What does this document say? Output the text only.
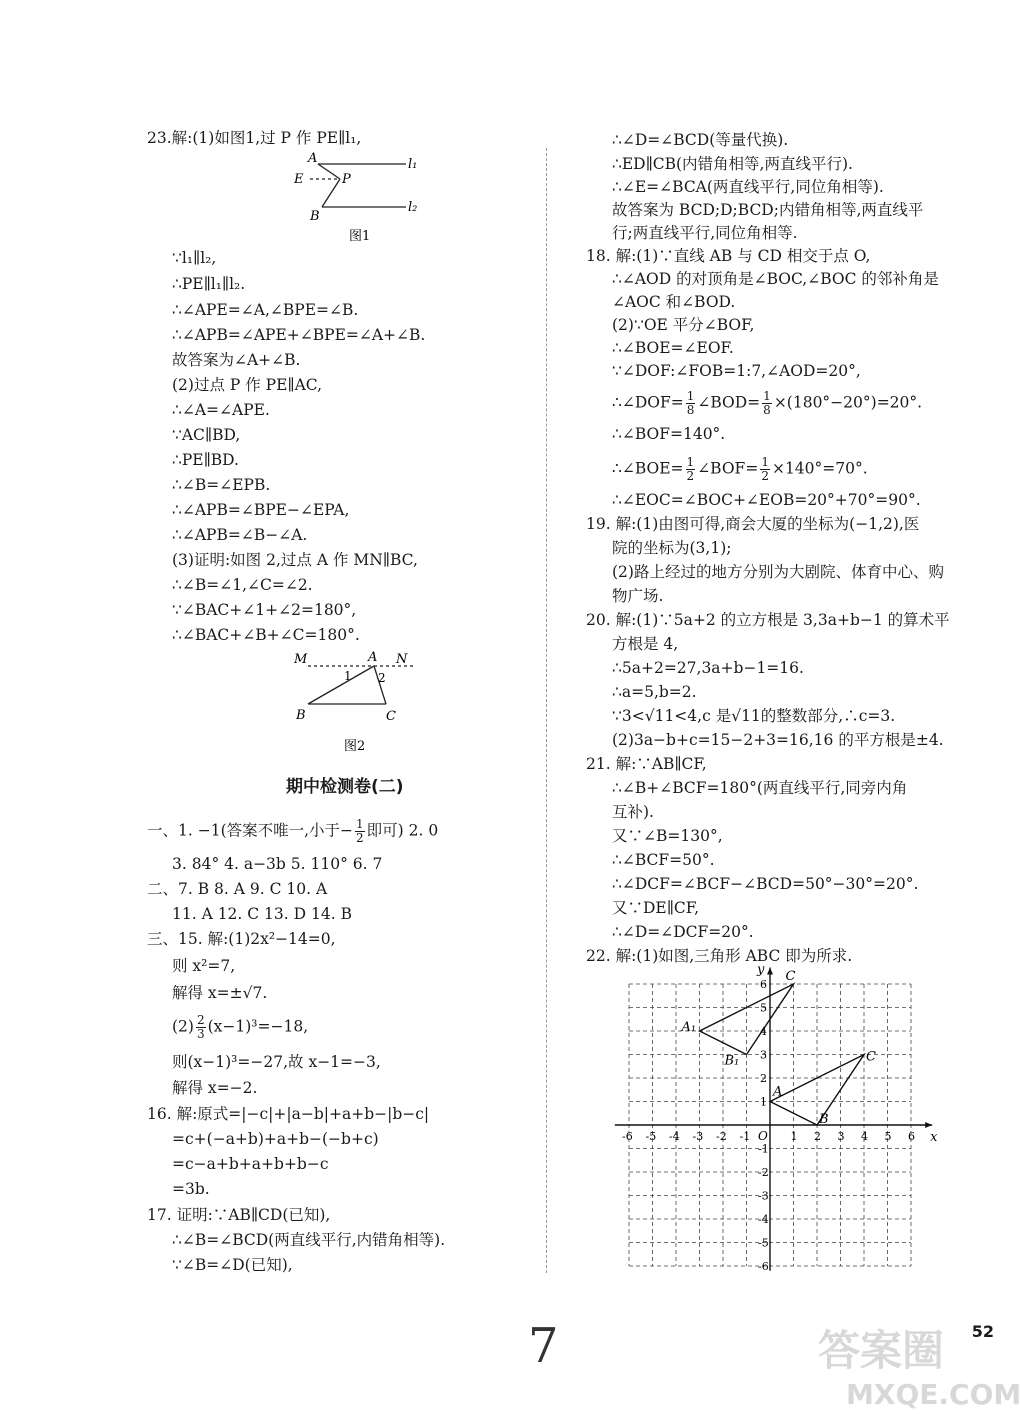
23.解:(1)如图1,过 P 作 PE∥l₁,
A
E	P
B
l₁
l₂
图1
∵l₁∥l₂,
∴PE∥l₁∥l₂.
∴∠APE=∠A,∠BPE=∠B.
∴∠APB=∠APE+∠BPE=∠A+∠B.
故答案为∠A+∠B.
(2)过点 P 作 PE∥AC,
∴∠A=∠APE.
∵AC∥BD,
∴PE∥BD.
∴∠B=∠EPB.
∴∠APB=∠BPE−∠EPA,
∴∠APB=∠B−∠A.
(3)证明:如图 2,过点 A 作 MN∥BC,
∴∠B=∠1,∠C=∠2.
∵∠BAC+∠1+∠2=180°,
∴∠BAC+∠B+∠C=180°.
M	A N
1 2
B	C
图2
期中检测卷(二)
一、1. −1(答案不唯一,小于− $\frac{1}{2}$ 即可) 2. 0
3. 84° 4. a−3b 5. 110° 6. 7
二、7. B 8. A 9. C 10. A
11. A 12. C 13. D 14. B
三、15. 解:(1)2x²−14=0,
则 x²=7,
解得 x=±√7.
$(2) \frac{2}{3} (x-1)^3=-18$,
则(x−1)³=−27,故 x−1=−3,
解得 x=−2.
16. 解:原式=|−c|+|a−b|+a+b−|b−c|
=c+(−a+b)+a+b−(−b+c)
=c−a+b+a+b+b−c
=3b.
17. 证明:∵AB∥CD(已知),
∴∠B=∠BCD(两直线平行,内错角相等).
∵∠B=∠D(已知),
∴∠D=∠BCD(等量代换).
∴ED∥CB(内错角相等,两直线平行).
∴∠E=∠BCA(两直线平行,同位角相等).
故答案为 BCD;D;BCD;内错角相等,两直线平
行;两直线平行,同位角相等.
18. 解:(1)∵直线 AB 与 CD 相交于点 O,
∴∠AOD 的对顶角是∠BOC,∠BOC 的邻补角是
∠AOC 和∠BOD.
(2)∵OE 平分∠BOF,
∴∠BOE=∠EOF.
∵∠DOF:∠FOB=1:7,∠AOD=20°,
∴∠DOF= $\frac{1}{8}$ ∠BOD= $\frac{1}{8} \times(180^\circ-20^\circ)=20^\circ$.
∴∠BOF=140°.
∴∠BOE= $\frac{1}{2}$ ∠BOF= $\frac{1}{2} \times 140^\circ=70^\circ$.
∴∠EOC=∠BOC+∠EOB=20°+70°=90°.
19. 解:(1)由图可得,商会大厦的坐标为(−1,2),医
院的坐标为(3,1);
(2)路上经过的地方分别为大剧院、体育中心、购
物广场.
20. 解:(1)∵5a+2 的立方根是 3,3a+b−1 的算术平
方根是 4,
∴5a+2=27,3a+b−1=16.
∴a=5,b=2.
∵3<√11<4,c 是√11的整数部分,∴c=3.
(2)3a−b+c=15−2+3=16,16 的平方根是±4.
21. 解:∵AB∥CF,
∴∠B+∠BCF=180°(两直线平行,同旁内角
互补).
又∵∠B=130°,
∴∠BCF=50°.
∴∠DCF=∠BCF−∠BCD=50°−30°=20°.
又∵DE∥CF,
∴∠D=∠DCF=20°.
22. 解:(1)如图,三角形 ABC 即为所求.
x
y
O
-6 -5 -4 -3 -2 -1	1 2 3 4 5 6
6
5
4
3
2
1
-1
-2
-3
-4
-5
-6
A
B
C
A₁
B₁
C
7	答案圈
MXQE.COM
52
